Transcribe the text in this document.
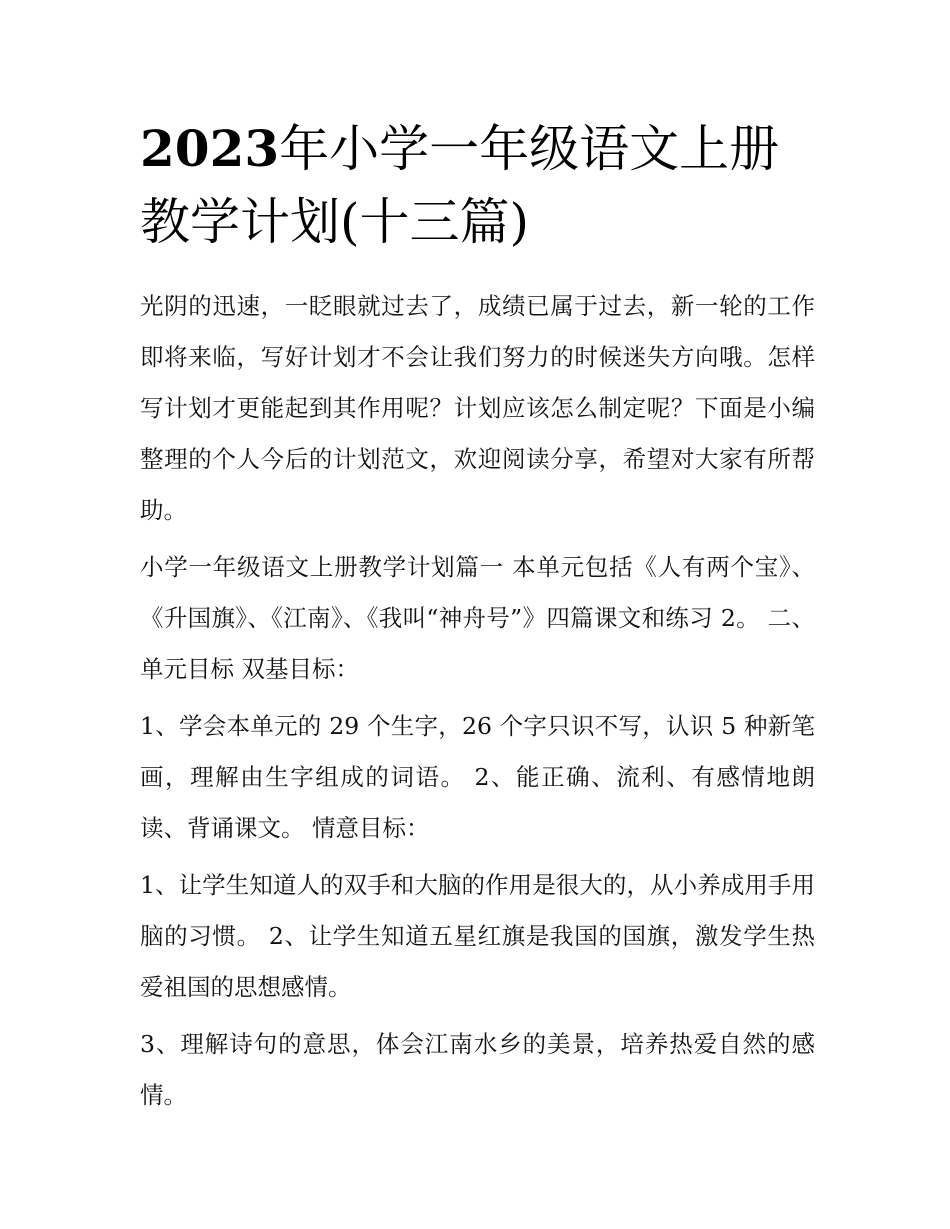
2023年小学一年级语文上册教学计划(十三篇)

光阴的迅速，一眨眼就过去了，成绩已属于过去，新一轮的工作即将来临，写好计划才不会让我们努力的时候迷失方向哦。怎样写计划才更能起到其作用呢？计划应该怎么制定呢？下面是小编整理的个人今后的计划范文，欢迎阅读分享，希望对大家有所帮助。

小学一年级语文上册教学计划篇一 本单元包括《人有两个宝》、《升国旗》、《江南》、《我叫“神舟号”》四篇课文和练习 2。 二、单元目标 双基目标：

1、学会本单元的 29 个生字，26 个字只识不写，认识 5 种新笔画，理解由生字组成的词语。 2、能正确、流利、有感情地朗读、背诵课文。 情意目标：

1、让学生知道人的双手和大脑的作用是很大的，从小养成用手用脑的习惯。 2、让学生知道五星红旗是我国的国旗，激发学生热爱祖国的思想感情。

3、理解诗句的意思，体会江南水乡的美景，培养热爱自然的感情。
